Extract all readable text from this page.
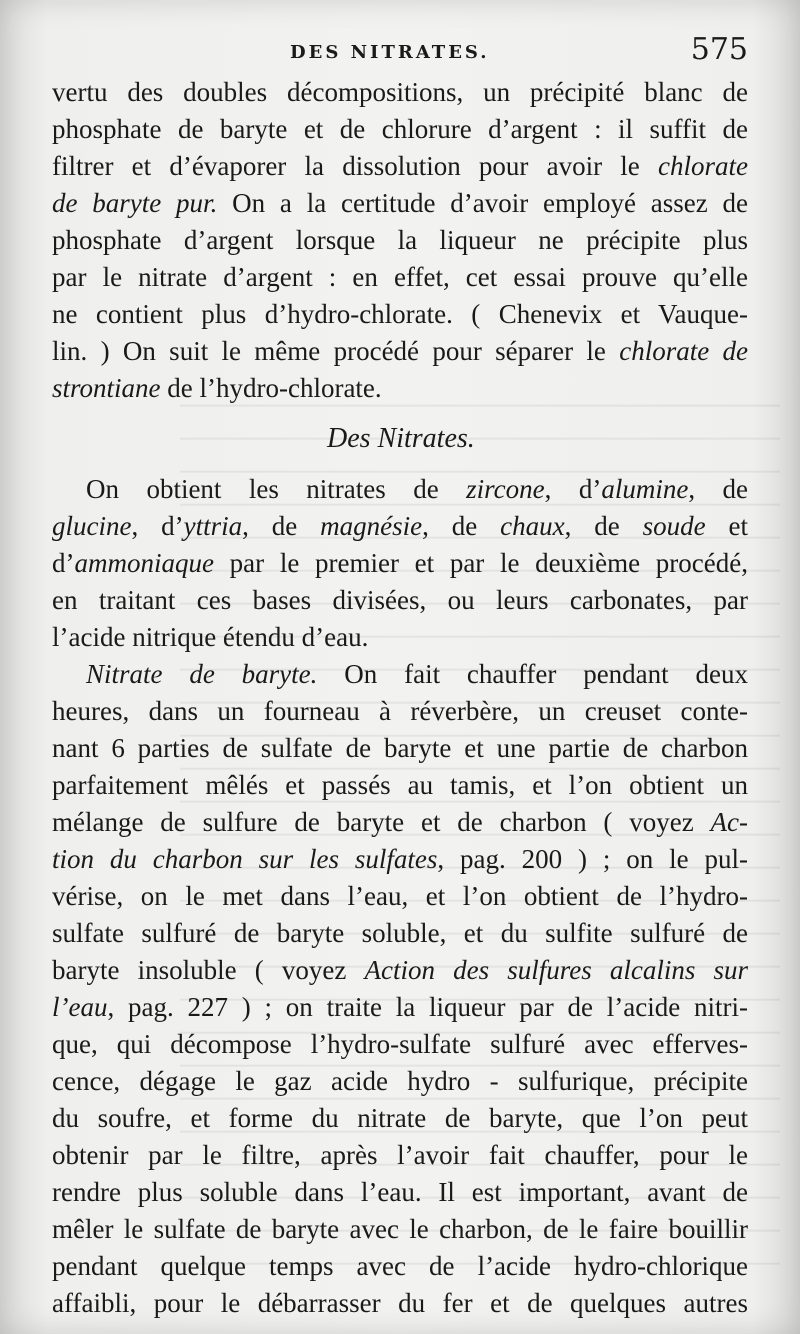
DES NITRATES.	575
vertu des doubles décompositions, un précipité blanc de
phosphate de baryte et de chlorure d’argent : il suffit de
filtrer et d’évaporer la dissolution pour avoir le chlorate
de baryte pur. On a la certitude d’avoir employé assez de
phosphate d’argent lorsque la liqueur ne précipite plus
par le nitrate d’argent : en effet, cet essai prouve qu’elle
ne contient plus d’hydro-chlorate. ( Chenevix et Vauque-
lin. ) On suit le même procédé pour séparer le chlorate de
strontiane de l’hydro-chlorate.
Des Nitrates.
On obtient les nitrates de zircone, d’alumine, de
glucine, d’yttria, de magnésie, de chaux, de soude et
d’ammoniaque par le premier et par le deuxième procédé,
en traitant ces bases divisées, ou leurs carbonates, par
l’acide nitrique étendu d’eau.
Nitrate de baryte. On fait chauffer pendant deux
heures, dans un fourneau à réverbère, un creuset conte-
nant 6 parties de sulfate de baryte et une partie de charbon
parfaitement mêlés et passés au tamis, et l’on obtient un
mélange de sulfure de baryte et de charbon ( voyez Ac-
tion du charbon sur les sulfates, pag. 200 ) ; on le pul-
vérise, on le met dans l’eau, et l’on obtient de l’hydro-
sulfate sulfuré de baryte soluble, et du sulfite sulfuré de
baryte insoluble ( voyez Action des sulfures alcalins sur
l’eau, pag. 227 ) ; on traite la liqueur par de l’acide nitri-
que, qui décompose l’hydro-sulfate sulfuré avec efferves-
cence, dégage le gaz acide hydro - sulfurique, précipite
du soufre, et forme du nitrate de baryte, que l’on peut
obtenir par le filtre, après l’avoir fait chauffer, pour le
rendre plus soluble dans l’eau. Il est important, avant de
mêler le sulfate de baryte avec le charbon, de le faire bouillir
pendant quelque temps avec de l’acide hydro-chlorique
affaibli, pour le débarrasser du fer et de quelques autres
